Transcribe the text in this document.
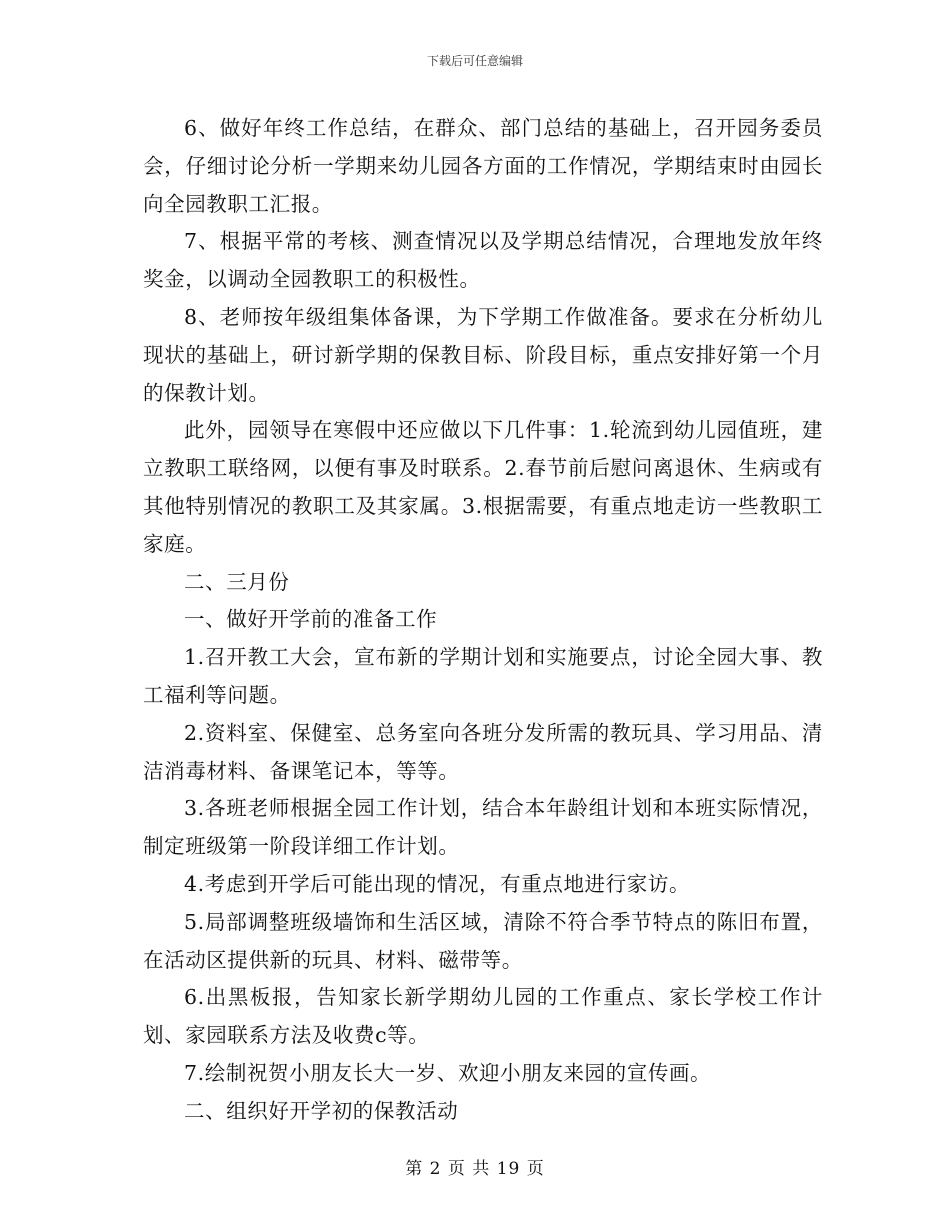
下载后可任意编辑

6、做好年终工作总结，在群众、部门总结的基础上，召开园务委员会，仔细讨论分析一学期来幼儿园各方面的工作情况，学期结束时由园长向全园教职工汇报。

7、根据平常的考核、测查情况以及学期总结情况，合理地发放年终奖金，以调动全园教职工的积极性。

8、老师按年级组集体备课，为下学期工作做准备。要求在分析幼儿现状的基础上，研讨新学期的保教目标、阶段目标，重点安排好第一个月的保教计划。

此外，园领导在寒假中还应做以下几件事：1.轮流到幼儿园值班，建立教职工联络网，以便有事及时联系。2.春节前后慰问离退休、生病或有其他特别情况的教职工及其家属。3.根据需要，有重点地走访一些教职工家庭。

二、三月份

一、做好开学前的准备工作

1.召开教工大会，宣布新的学期计划和实施要点，讨论全园大事、教工福利等问题。

2.资料室、保健室、总务室向各班分发所需的教玩具、学习用品、清洁消毒材料、备课笔记本，等等。

3.各班老师根据全园工作计划，结合本年龄组计划和本班实际情况，制定班级第一阶段详细工作计划。

4.考虑到开学后可能出现的情况，有重点地进行家访。

5.局部调整班级墙饰和生活区域，清除不符合季节特点的陈旧布置，在活动区提供新的玩具、材料、磁带等。

6.出黑板报，告知家长新学期幼儿园的工作重点、家长学校工作计划、家园联系方法及收费c等。

7.绘制祝贺小朋友长大一岁、欢迎小朋友来园的宣传画。

二、组织好开学初的保教活动

第 2 页 共 19 页
